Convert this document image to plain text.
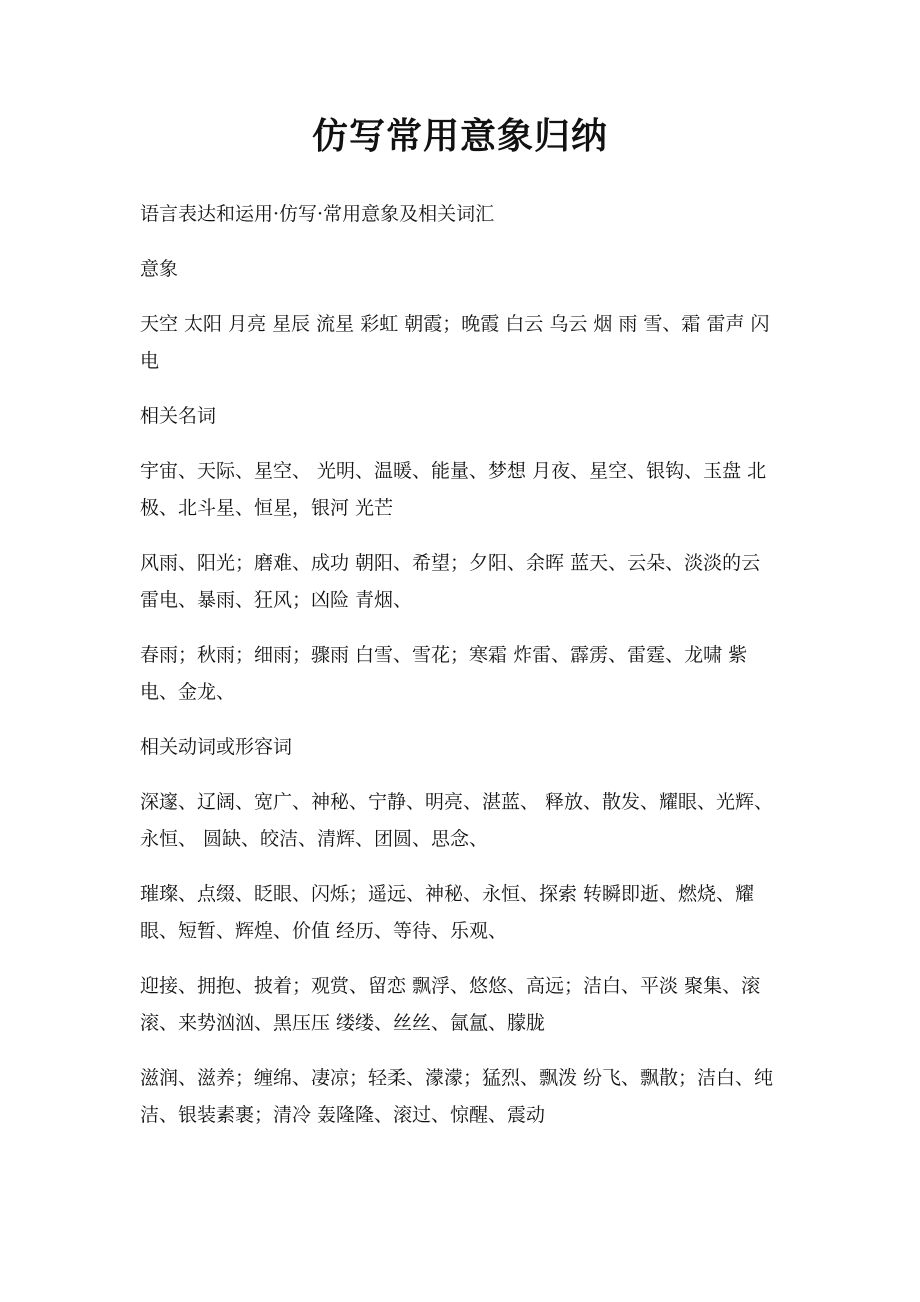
仿写常用意象归纳

语言表达和运用·仿写·常用意象及相关词汇

意象

天空 太阳 月亮 星辰 流星 彩虹 朝霞；晚霞 白云 乌云 烟 雨 雪、霜 雷声 闪电

相关名词

宇宙、天际、星空、 光明、温暖、能量、梦想 月夜、星空、银钩、玉盘 北极、北斗星、恒星，银河 光芒

风雨、阳光；磨难、成功 朝阳、希望；夕阳、余晖 蓝天、云朵、淡淡的云 雷电、暴雨、狂风；凶险 青烟、

春雨；秋雨；细雨；骤雨 白雪、雪花；寒霜 炸雷、霹雳、雷霆、龙啸 紫电、金龙、

相关动词或形容词

深邃、辽阔、宽广、神秘、宁静、明亮、湛蓝、 释放、散发、耀眼、光辉、永恒、 圆缺、皎洁、清辉、团圆、思念、

璀璨、点缀、眨眼、闪烁；遥远、神秘、永恒、探索 转瞬即逝、燃烧、耀眼、短暂、辉煌、价值 经历、等待、乐观、

迎接、拥抱、披着；观赏、留恋 飘浮、悠悠、高远；洁白、平淡 聚集、滚滚、来势汹汹、黑压压 缕缕、丝丝、氤氲、朦胧

滋润、滋养；缠绵、凄凉；轻柔、濛濛；猛烈、飘泼 纷飞、飘散；洁白、纯洁、银装素裹；清冷 轰隆隆、滚过、惊醒、震动
